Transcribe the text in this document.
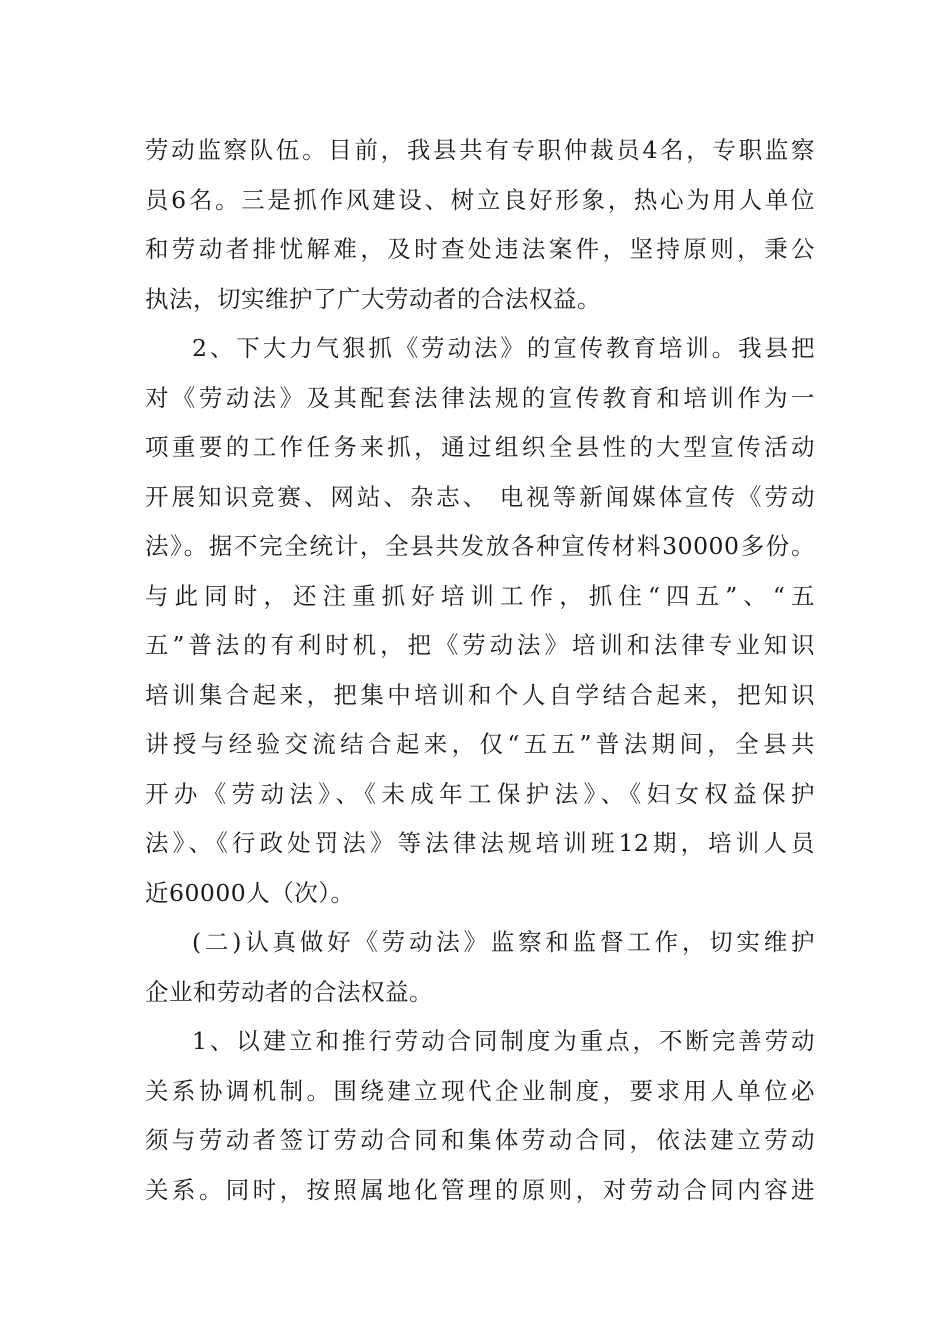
劳动监察队伍。目前，我县共有专职仲裁员4名，专职监察
员6名。三是抓作风建设、树立良好形象，热心为用人单位
和劳动者排忧解难，及时查处违法案件，坚持原则，秉公
执法，切实维护了广大劳动者的合法权益。
2、下大力气狠抓《劳动法》的宣传教育培训。我县把
对《劳动法》及其配套法律法规的宣传教育和培训作为一
项重要的工作任务来抓，通过组织全县性的大型宣传活动
开展知识竞赛、网站、杂志、 电视等新闻媒体宣传《劳动
法》。据不完全统计，全县共发放各种宣传材料30000多份。
与此同时，还注重抓好培训工作，抓住“四五”、“五
五”普法的有利时机，把《劳动法》培训和法律专业知识
培训集合起来，把集中培训和个人自学结合起来，把知识
讲授与经验交流结合起来，仅“五五”普法期间，全县共
开办《劳动法》、《未成年工保护法》、《妇女权益保护
法》、《行政处罚法》等法律法规培训班12期，培训人员
近60000人（次）。
(二)认真做好《劳动法》监察和监督工作，切实维护
企业和劳动者的合法权益。
1、以建立和推行劳动合同制度为重点，不断完善劳动
关系协调机制。围绕建立现代企业制度，要求用人单位必
须与劳动者签订劳动合同和集体劳动合同，依法建立劳动
关系。同时，按照属地化管理的原则，对劳动合同内容进
